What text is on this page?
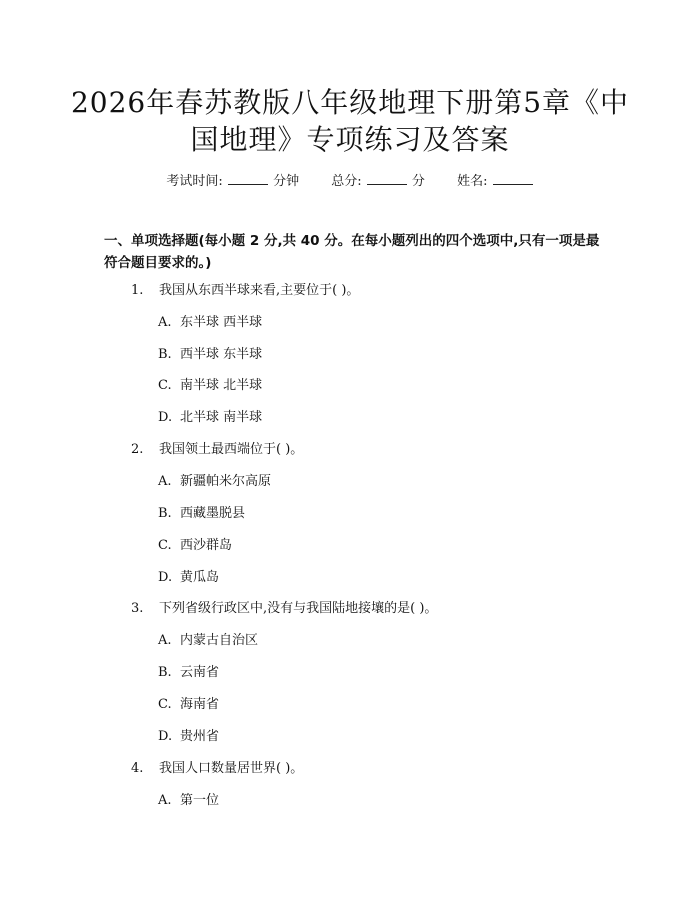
2026年春苏教版八年级地理下册第5章《中
国地理》专项练习及答案
考试时间:	分钟 总分:	分 姓名:
一、单项选择题(每小题 2 分,共 40 分。在每小题列出的四个选项中,只有一项是最符合题目要求的。)
1. 我国从东西半球来看,主要位于( )。
A. 东半球 西半球
B. 西半球 东半球
C. 南半球 北半球
D. 北半球 南半球
2. 我国领土最西端位于( )。
A. 新疆帕米尔高原
B. 西藏墨脱县
C. 西沙群岛
D. 黄瓜岛
3. 下列省级行政区中,没有与我国陆地接壤的是( )。
A. 内蒙古自治区
B. 云南省
C. 海南省
D. 贵州省
4. 我国人口数量居世界( )。
A. 第一位
